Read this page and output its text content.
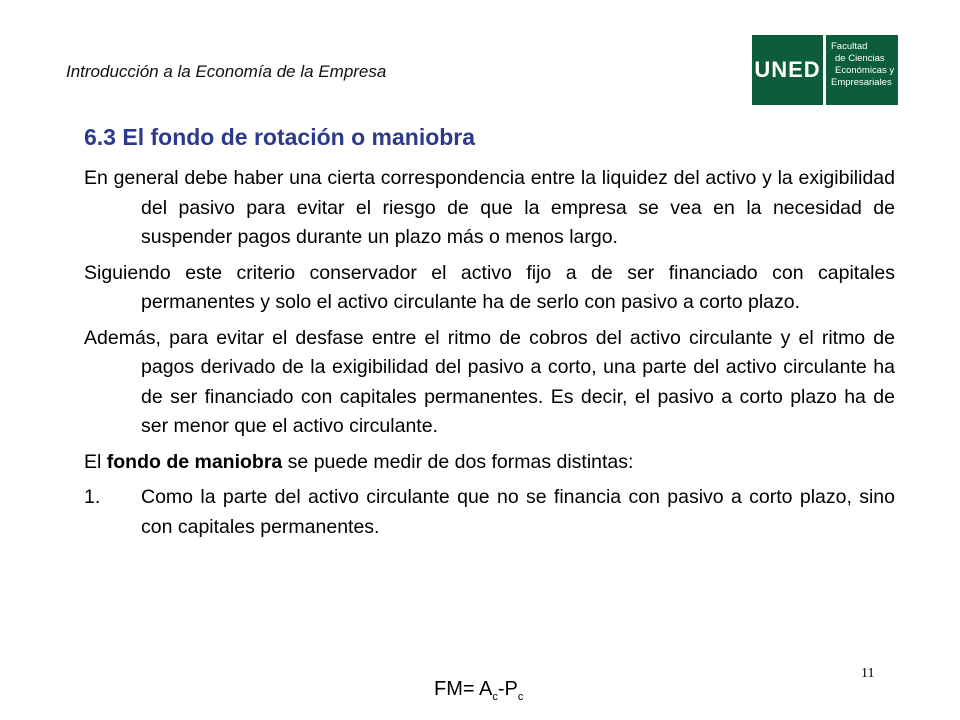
Introducción a la Economía de la Empresa	UNED
Facultad
de Ciencias
Económicas y
Empresariales
6.3 El fondo de rotación o maniobra

En general debe haber una cierta correspondencia entre la liquidez del activo y la exigibilidad del pasivo para evitar el riesgo de que la empresa se vea en la necesidad de suspender pagos durante un plazo más o menos largo.

Siguiendo este criterio conservador el activo fijo a de ser financiado con capitales permanentes y solo el activo circulante ha de serlo con pasivo a corto plazo.

Además, para evitar el desfase entre el ritmo de cobros del activo circulante y el ritmo de pagos derivado de la exigibilidad del pasivo a corto, una parte del activo circulante ha de ser financiado con capitales permanentes. Es decir, el pasivo a corto plazo ha de ser menor que el activo circulante.

El fondo de maniobra se puede medir de dos formas distintas:

1.	Como la parte del activo circulante que no se financia con pasivo a corto plazo, sino con capitales permanentes.
$FM= A_c-P_c$
11
